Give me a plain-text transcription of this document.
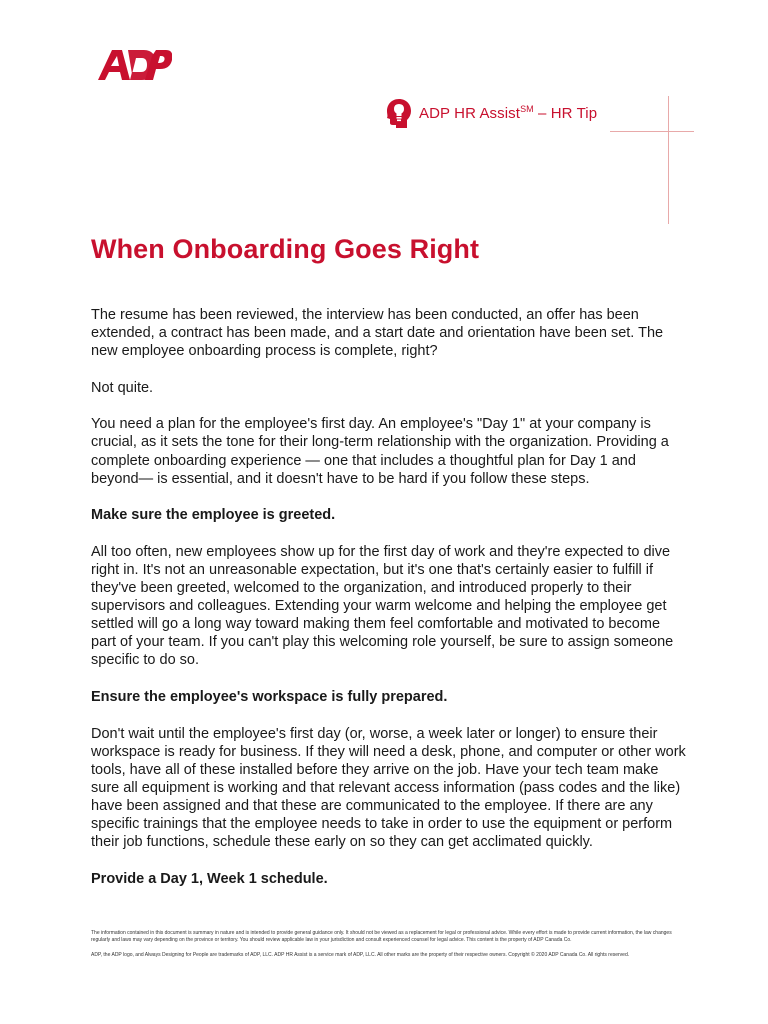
ADP HR Assist℠ – HR Tip
When Onboarding Goes Right

The resume has been reviewed, the interview has been conducted, an offer has been extended, a contract has been made, and a start date and orientation have been set. The new employee onboarding process is complete, right?

Not quite.

You need a plan for the employee's first day. An employee's "Day 1" at your company is crucial, as it sets the tone for their long-term relationship with the organization. Providing a complete onboarding experience — one that includes a thoughtful plan for Day 1 and beyond— is essential, and it doesn't have to be hard if you follow these steps.

Make sure the employee is greeted.

All too often, new employees show up for the first day of work and they're expected to dive right in. It's not an unreasonable expectation, but it's one that's certainly easier to fulfill if they've been greeted, welcomed to the organization, and introduced properly to their supervisors and colleagues. Extending your warm welcome and helping the employee get settled will go a long way toward making them feel comfortable and motivated to become part of your team. If you can't play this welcoming role yourself, be sure to assign someone specific to do so.

Ensure the employee's workspace is fully prepared.

Don't wait until the employee's first day (or, worse, a week later or longer) to ensure their workspace is ready for business. If they will need a desk, phone, and computer or other work tools, have all of these installed before they arrive on the job. Have your tech team make sure all equipment is working and that relevant access information (pass codes and the like) have been assigned and that these are communicated to the employee. If there are any specific trainings that the employee needs to take in order to use the equipment or perform their job functions, schedule these early on so they can get acclimated quickly.

Provide a Day 1, Week 1 schedule.

The information contained in this document is summary in nature and is intended to provide general guidance only. It should not be viewed as a replacement for legal or professional advice. While every effort is made to provide current information, the law changes regularly and laws may vary depending on the province or territory. You should review applicable law in your jurisdiction and consult experienced counsel for legal advice. This content is the property of ADP Canada Co.

ADP, the ADP logo, and Always Designing for People are trademarks of ADP, LLC. ADP HR Assist is a service mark of ADP, LLC. All other marks are the property of their respective owners. Copyright © 2020 ADP Canada Co. All rights reserved.
